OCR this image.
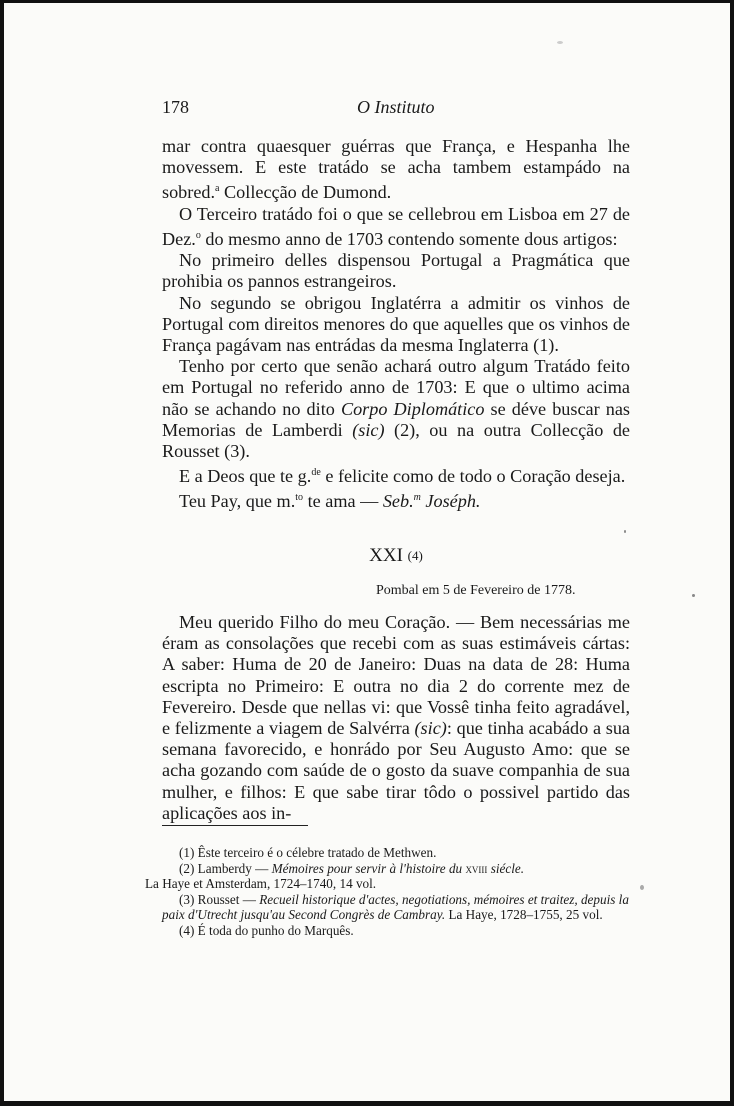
178	O Instituto

mar contra quaesquer guérras que França, e Hespanha lhe movessem. E este tratádo se acha tambem estampádo na sobred.$^a$ Collecção de Dumond.

O Terceiro tratádo foi o que se cellebrou em Lisboa em 27 de Dez.$^o$ do mesmo anno de 1703 contendo somente dous artigos:

No primeiro delles dispensou Portugal a Pragmática que prohibia os pannos estrangeiros.

No segundo se obrigou Inglatérra a admitir os vinhos de Portugal com direitos menores do que aquelles que os vinhos de França pagávam nas entrádas da mesma Inglaterra (1).

Tenho por certo que senão achará outro algum Tratádo feito em Portugal no referido anno de 1703: E que o ultimo acima não se achando no dito Corpo Diplomático se déve buscar nas Memorias de Lamberdi (sic) (2), ou na outra Collecção de Rousset (3).

E a Deos que te g.$^{de}$ e felicite como de todo o Coração deseja.

Teu Pay, que m.$^{to}$ te ama — Seb.$^m$ Joséph.

XXI (4)
Pombal em 5 de Fevereiro de 1778.

Meu querido Filho do meu Coração. — Bem necessárias me éram as consolações que recebi com as suas estimáveis cártas: A saber: Huma de 20 de Janeiro: Duas na data de 28: Huma escripta no Primeiro: E outra no dia 2 do corrente mez de Fevereiro. Desde que nellas vi: que Vossê tinha feito agradável, e felizmente a viagem de Salvérra (sic): que tinha acabádo a sua semana favorecido, e honrádo por Seu Augusto Amo: que se acha gozando com saúde de o gosto da suave companhia de sua mulher, e filhos: E que sabe tirar tôdo o possivel partido das aplicações aos in-

(1) Êste terceiro é o célebre tratado de Methwen.

(2) Lamberdy — Mémoires pour servir à l'histoire du xviii siécle.
La Haye et Amsterdam, 1724–1740, 14 vol.

(3) Rousset — Recueil historique d'actes, negotiations, mémoires et traitez, depuis la paix d'Utrecht jusqu'au Second Congrès de Cambray. La Haye, 1728–1755, 25 vol.

(4) É toda do punho do Marquês.
